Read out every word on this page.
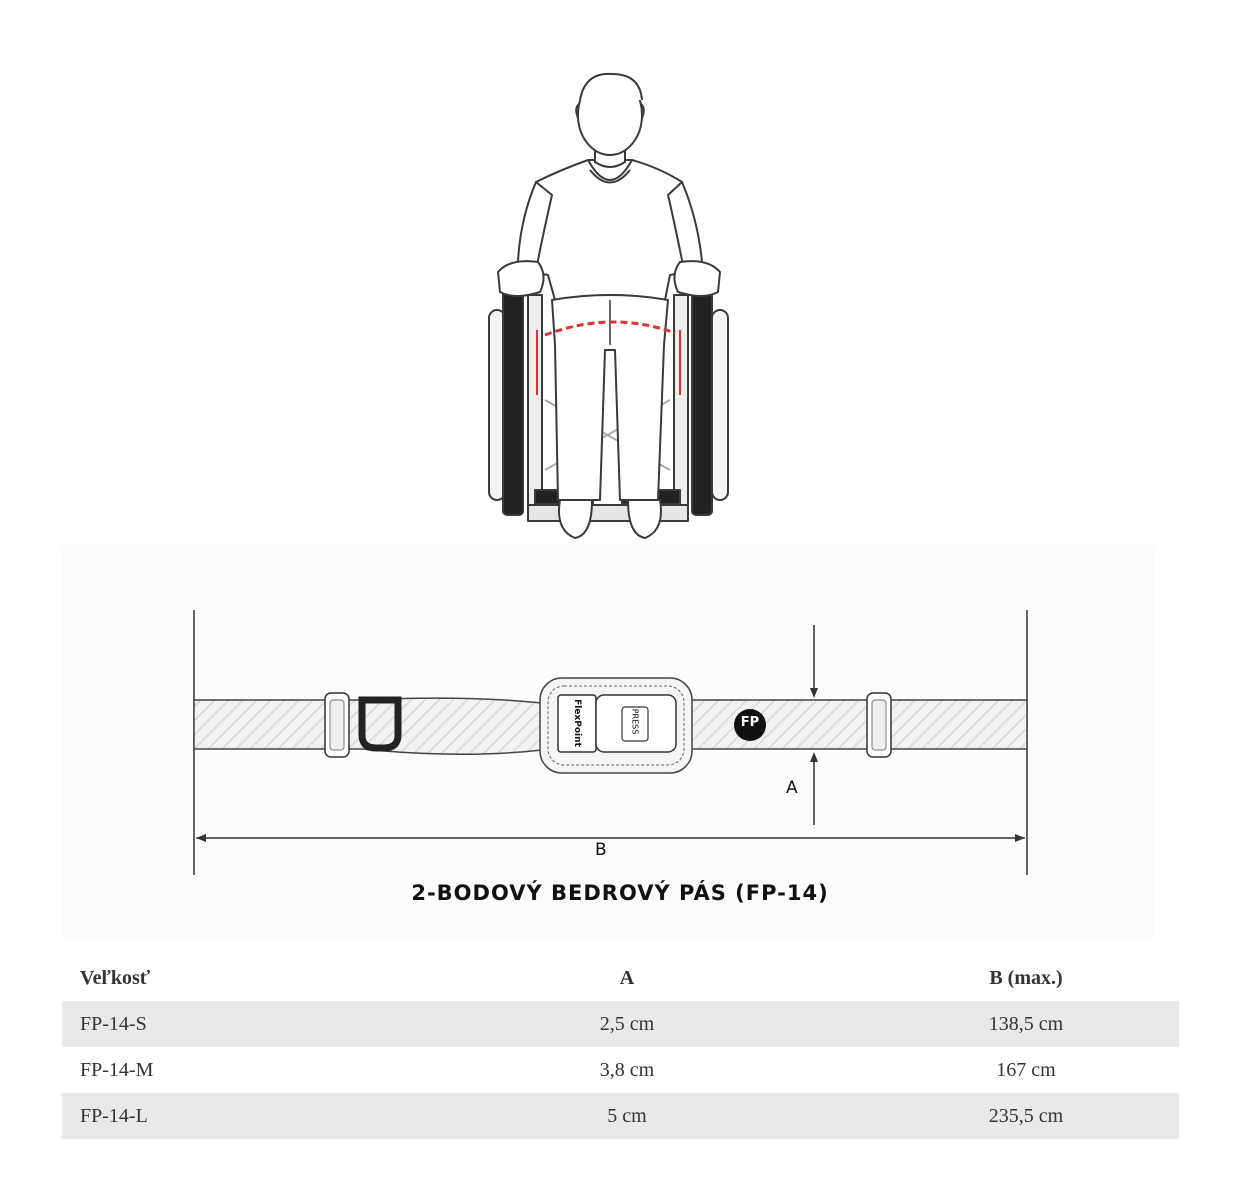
FlexPoint	PRESS	FP
A
B
2-BODOVÝ BEDROVÝ PÁS (FP-14)
Veľkosť	A	B (max.)
FP-14-S	2,5 cm	138,5 cm
FP-14-M	3,8 cm	167 cm
FP-14-L	5 cm	235,5 cm
